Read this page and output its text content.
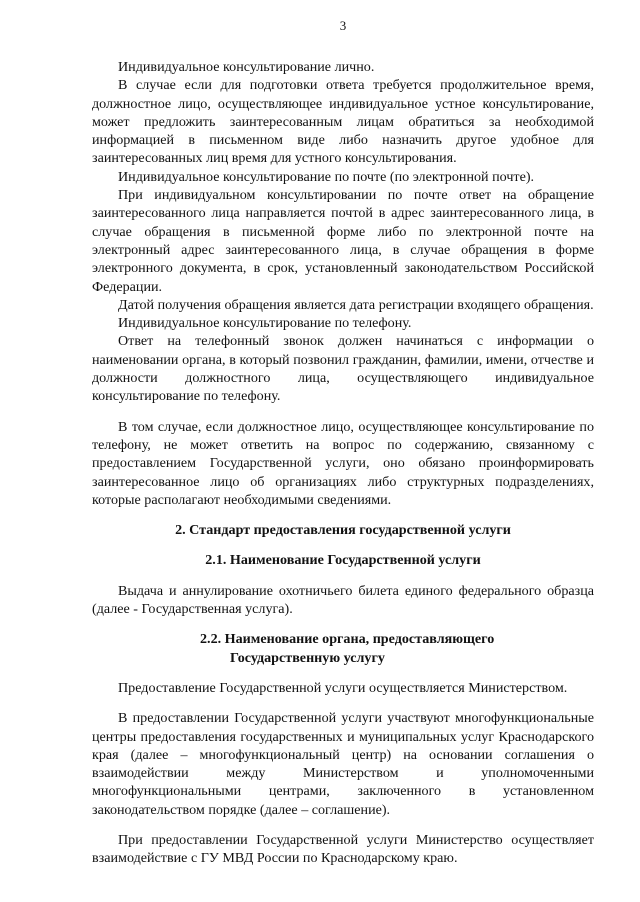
3

Индивидуальное консультирование лично.

В случае если для подготовки ответа требуется продолжительное время, должностное лицо, осуществляющее индивидуальное устное консультирование, может предложить заинтересованным лицам обратиться за необходимой информацией в письменном виде либо назначить другое удобное для заинтересованных лиц время для устного консультирования.

Индивидуальное консультирование по почте (по электронной почте).

При индивидуальном консультировании по почте ответ на обращение заинтересованного лица направляется почтой в адрес заинтересованного лица, в случае обращения в письменной форме либо по электронной почте на электронный адрес заинтересованного лица, в случае обращения в форме электронного документа, в срок, установленный законодательством Российской Федерации.

Датой получения обращения является дата регистрации входящего обращения.

Индивидуальное консультирование по телефону.

Ответ на телефонный звонок должен начинаться с информации о наименовании органа, в который позвонил гражданин, фамилии, имени, отчестве и должности должностного лица, осуществляющего индивидуальное консультирование по телефону.

В том случае, если должностное лицо, осуществляющее консультирование по телефону, не может ответить на вопрос по содержанию, связанному с предоставлением Государственной услуги, оно обязано проинформировать заинтересованное лицо об организациях либо структурных подразделениях, которые располагают необходимыми сведениями.

2. Стандарт предоставления государственной услуги
2.1. Наименование Государственной услуги

Выдача и аннулирование охотничьего билета единого федерального образца (далее - Государственная услуга).

2.2. Наименование органа, предоставляющего
Государственную услугу

Предоставление Государственной услуги осуществляется Министерством.

В предоставлении Государственной услуги участвуют многофункциональные центры предоставления государственных и муниципальных услуг Краснодарского края (далее – многофункциональный центр) на основании соглашения о взаимодействии между Министерством и уполномоченными многофункциональными центрами, заключенного в установленном законодательством порядке (далее – соглашение).

При предоставлении Государственной услуги Министерство осуществляет взаимодействие с ГУ МВД России по Краснодарскому краю.
